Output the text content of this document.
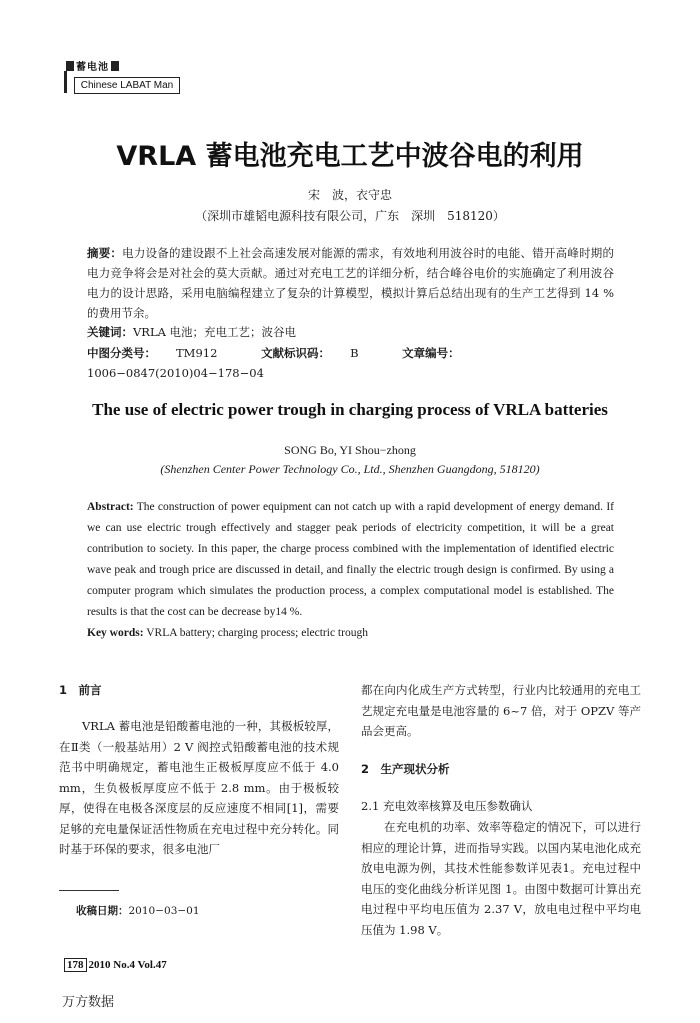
蓄电池
Chinese LABAT Man
VRLA 蓄电池充电工艺中波谷电的利用
宋　波，衣守忠
（深圳市雄韬电源科技有限公司，广东　深圳　518120）
摘要：电力设备的建设跟不上社会高速发展对能源的需求，有效地利用波谷时的电能、错开高峰时期的电力竞争将会是对社会的莫大贡献。通过对充电工艺的详细分析，结合峰谷电价的实施确定了利用波谷电力的设计思路，采用电脑编程建立了复杂的计算模型，模拟计算后总结出现有的生产工艺得到 14 %的费用节余。
关键词：VRLA 电池；充电工艺；波谷电
中图分类号： TM912	文献标识码： B	文章编号：1006−0847(2010)04−178−04
The use of electric power trough in charging process of VRLA batteries
SONG Bo, YI Shou−zhong
(Shenzhen Center Power Technology Co., Ltd., Shenzhen Guangdong, 518120)
Abstract: The construction of power equipment can not catch up with a rapid development of energy demand. If we can use electric trough effectively and stagger peak periods of electricity competition, it will be a great contribution to society. In this paper, the charge process combined with the implementation of identified electric wave peak and trough price are discussed in detail, and finally the electric trough design is confirmed. By using a computer program which simulates the production process, a complex computational model is established. The results is that the cost can be decrease by14 %.
Key words: VRLA battery; charging process; electric trough
1　前言
VRLA 蓄电池是铅酸蓄电池的一种，其极板较厚，在Ⅱ类（一般基站用）2 V 阀控式铅酸蓄电池的技术规范书中明确规定，蓄电池生正极板厚度应不低于 4.0 mm，生负极板厚度应不低于 2.8 mm。由于极板较厚，使得在电极各深度层的反应速度不相同[1]，需要足够的充电量保证活性物质在充电过程中充分转化。同时基于环保的要求，很多电池厂
收稿日期：2010−03−01
都在向内化成生产方式转型，行业内比较通用的充电工艺规定充电量是电池容量的 6~7 倍，对于 OPZV 等产品会更高。
2　生产现状分析
2.1 充电效率核算及电压参数确认
在充电机的功率、效率等稳定的情况下，可以进行相应的理论计算，进而指导实践。以国内某电池化成充放电电源为例，其技术性能参数详见表1。充电过程中电压的变化曲线分析详见图 1。由图中数据可计算出充电过程中平均电压值为 2.37 V，放电电过程中平均电压值为 1.98 V。
178 2010 No.4 Vol.47
万方数据
